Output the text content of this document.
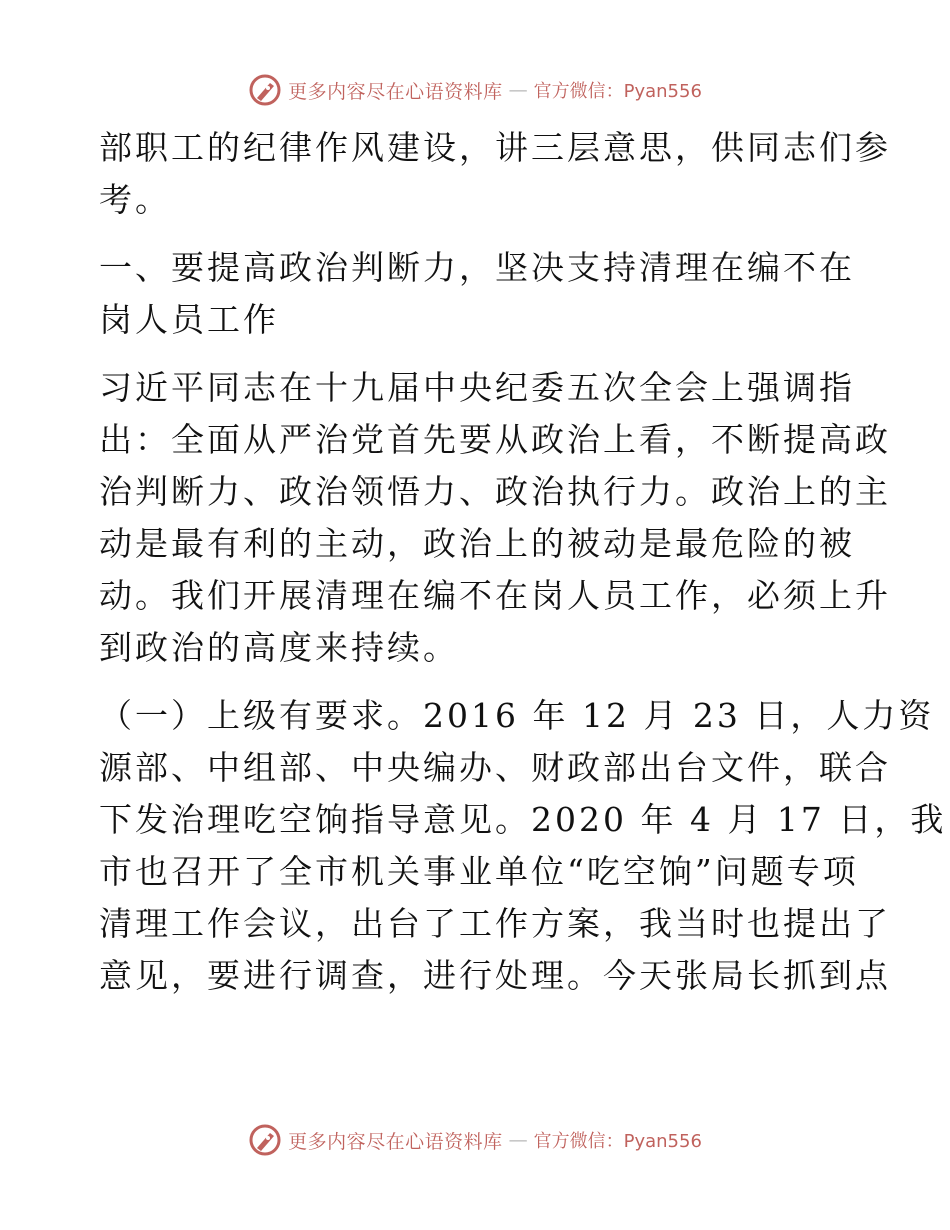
更多内容尽在心语资料库 — 官方微信：Pyan556
部职工的纪律作风建设，讲三层意思，供同志们参
考。
一、要提高政治判断力，坚决支持清理在编不在
岗人员工作
习近平同志在十九届中央纪委五次全会上强调指
出：全面从严治党首先要从政治上看，不断提高政
治判断力、政治领悟力、政治执行力。政治上的主
动是最有利的主动，政治上的被动是最危险的被
动。我们开展清理在编不在岗人员工作，必须上升
到政治的高度来持续。
（一）上级有要求。2016 年 12 月 23 日，人力资
源部、中组部、中央编办、财政部出台文件，联合
下发治理吃空饷指导意见。2020 年 4 月 17 日，我
市也召开了全市机关事业单位“吃空饷”问题专项
清理工作会议，出台了工作方案，我当时也提出了
意见，要进行调查，进行处理。今天张局长抓到点
更多内容尽在心语资料库 — 官方微信：Pyan556
